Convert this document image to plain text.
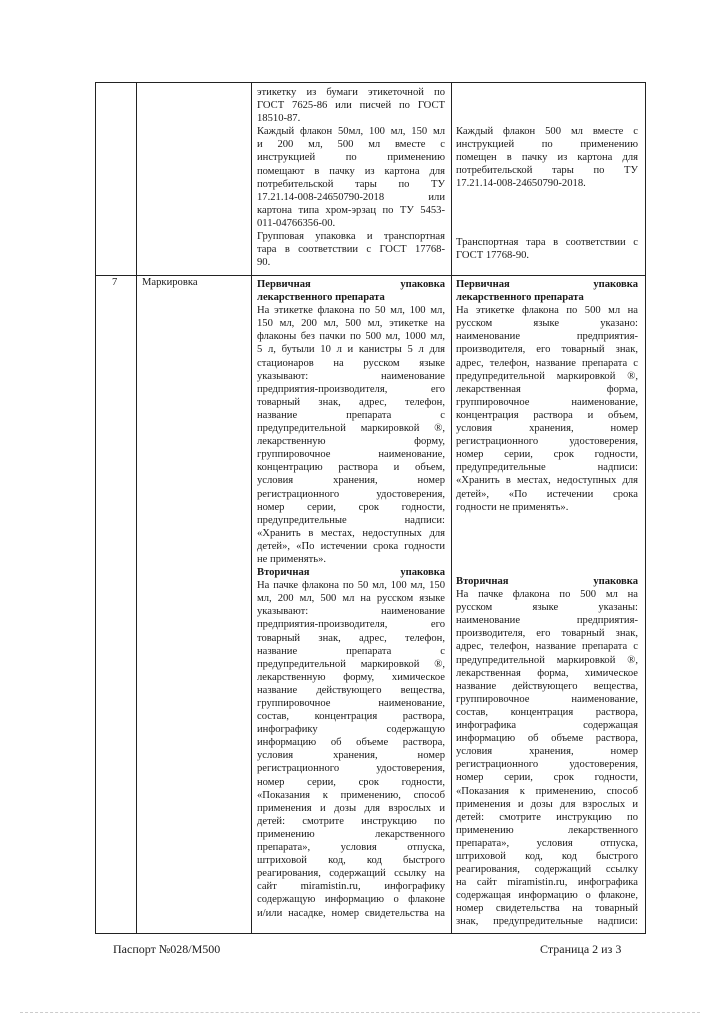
этикетку из бумаги этикеточной по

ГОСТ 7625-86 или писчей по ГОСТ

18510-87.

Каждый флакон 50мл, 100 мл, 150 мл

и 200 мл, 500 мл вместе с

инструкцией по применению

помещают в пачку из картона для

потребительской тары по ТУ

17.21.14-008-24650790-2018 или

картона типа хром-эрзац по ТУ 5453-

011-04766356-00.

Групповая упаковка и транспортная

тара в соответствии с ГОСТ 17768-

90.

Каждый флакон 500 мл вместе с

инструкцией по применению

помещен в пачку из картона для

потребительской тары по ТУ

17.21.14-008-24650790-2018.

Транспортная тара в соответствии с

ГОСТ 17768-90.

7 Маркировка	Первичная упаковка

лекарственного препарата

На этикетке флакона по 50 мл, 100 мл,

150 мл, 200 мл, 500 мл, этикетке на

флаконы без пачки по 500 мл, 1000 мл,

5 л, бутыли 10 л и канистры 5 л для

стационаров на русском языке

указывают: наименование

предприятия-производителя, его

товарный знак, адрес, телефон,

название препарата с

предупредительной маркировкой ®,

лекарственную форму,

группировочное наименование,

концентрацию раствора и объем,

условия хранения, номер

регистрационного удостоверения,

номер серии, срок годности,

предупредительные надписи:

«Хранить в местах, недоступных для

детей», «По истечении срока годности

не применять».

Вторичная упаковка

На пачке флакона по 50 мл, 100 мл, 150

мл, 200 мл, 500 мл на русском языке

указывают: наименование

предприятия-производителя, его

товарный знак, адрес, телефон,

название препарата с

предупредительной маркировкой ®,

лекарственную форму, химическое

название действующего вещества,

группировочное наименование,

состав, концентрация раствора,

инфографику содержащую

информацию об объеме раствора,

условия хранения, номер

регистрационного удостоверения,

номер серии, срок годности,

«Показания к применению, способ

применения и дозы для взрослых и

детей: смотрите инструкцию по

применению лекарственного

препарата», условия отпуска,

штриховой код, код быстрого

реагирования, содержащий ссылку на

сайт miramistin.ru, инфографику

содержащую информацию о флаконе

и/или насадке, номер свидетельства на

Первичная упаковка

лекарственного препарата

На этикетке флакона по 500 мл на

русском языке указано:

наименование предприятия-

производителя, его товарный знак,

адрес, телефон, название препарата с

предупредительной маркировкой ®,

лекарственная форма,

группировочное наименование,

концентрация раствора и объем,

условия хранения, номер

регистрационного удостоверения,

номер серии, срок годности,

предупредительные надписи:

«Хранить в местах, недоступных для

детей», «По истечении срока

годности не применять».

Вторичная упаковка

На пачке флакона по 500 мл на

русском языке указаны:

наименование предприятия-

производителя, его товарный знак,

адрес, телефон, название препарата с

предупредительной маркировкой ®,

лекарственная форма, химическое

название действующего вещества,

группировочное наименование,

состав, концентрация раствора,

инфографика содержащая

информацию об объеме раствора,

условия хранения, номер

регистрационного удостоверения,

номер серии, срок годности,

«Показания к применению, способ

применения и дозы для взрослых и

детей: смотрите инструкцию по

применению лекарственного

препарата», условия отпуска,

штриховой код, код быстрого

реагирования, содержащий ссылку

на сайт miramistin.ru, инфографика

содержащая информацию о флаконе,

номер свидетельства на товарный

знак, предупредительные надписи:

Паспорт №028/М500	Страница 2 из 3
